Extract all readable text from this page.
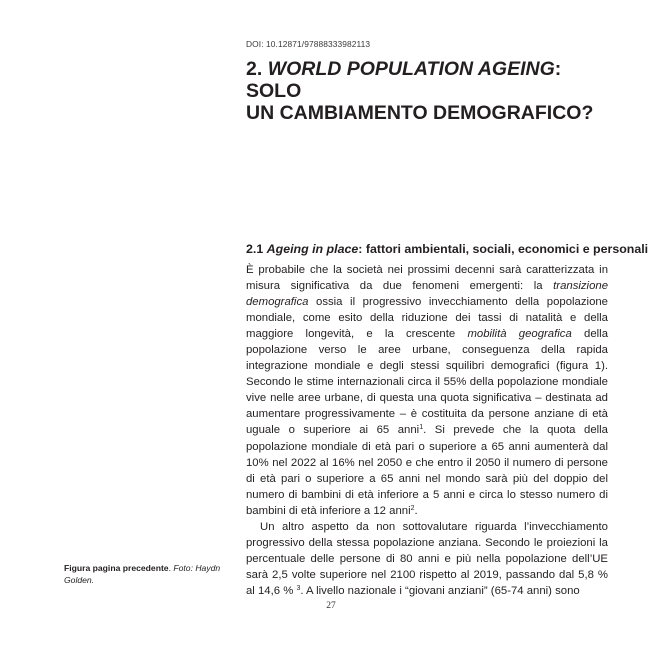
DOI: 10.12871/97888333982113
2. WORLD POPULATION AGEING: SOLO
UN CAMBIAMENTO DEMOGRAFICO?
2.1 Ageing in place: fattori ambientali, sociali, economici e personali

È probabile che la società nei prossimi decenni sarà caratterizzata in misura significativa da due fenomeni emergenti: la transizione demografica ossia il progressivo invecchiamento della popolazione mondiale, come esito della riduzione dei tassi di natalità e della maggiore longevità, e la crescente mobilità geografica della popolazione verso le aree urbane, conseguenza della rapida integrazione mondiale e degli stessi squilibri demografici (figura 1). Secondo le stime internazionali circa il 55% della popolazione mondiale vive nelle aree urbane, di questa una quota significativa – destinata ad aumentare progressivamente – è costituita da persone anziane di età uguale o superiore ai 65 anni$^1$. Si prevede che la quota della popolazione mondiale di età pari o superiore a 65 anni aumenterà dal 10% nel 2022 al 16% nel 2050 e che entro il 2050 il numero di persone di età pari o superiore a 65 anni nel mondo sarà più del doppio del numero di bambini di età inferiore a 5 anni e circa lo stesso numero di bambini di età inferiore a 12 anni$^2$.

Un altro aspetto da non sottovalutare riguarda l’invecchiamento progressivo della stessa popolazione anziana. Secondo le proiezioni la percentuale delle persone di 80 anni e più nella popolazione dell’UE sarà 2,5 volte superiore nel 2100 rispetto al 2019, passando dal 5,8 % al 14,6 % $^3$. A livello nazionale i “giovani anziani” (65-74 anni) sono

Figura pagina precedente. Foto: Haydn Golden.
27
